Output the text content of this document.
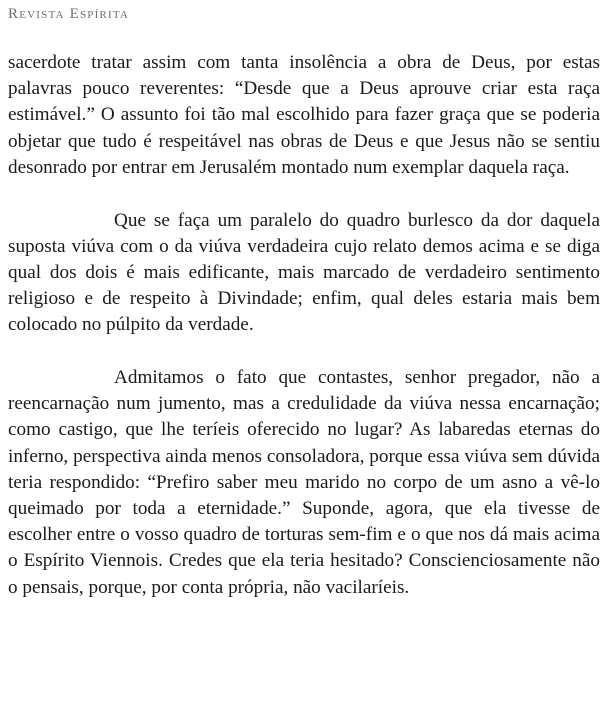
Revista Espírita

sacerdote tratar assim com tanta insolência a obra de Deus, por estas palavras pouco reverentes: “Desde que a Deus aprouve criar esta raça estimável.” O assunto foi tão mal escolhido para fazer graça que se poderia objetar que tudo é respeitável nas obras de Deus e que Jesus não se sentiu desonrado por entrar em Jerusalém montado num exemplar daquela raça.

Que se faça um paralelo do quadro burlesco da dor daquela suposta viúva com o da viúva verdadeira cujo relato demos acima e se diga qual dos dois é mais edificante, mais marcado de verdadeiro sentimento religioso e de respeito à Divindade; enfim, qual deles estaria mais bem colocado no púlpito da verdade.

Admitamos o fato que contastes, senhor pregador, não a reencarnação num jumento, mas a credulidade da viúva nessa encarnação; como castigo, que lhe teríeis oferecido no lugar? As labaredas eternas do inferno, perspectiva ainda menos consoladora, porque essa viúva sem dúvida teria respondido: “Prefiro saber meu marido no corpo de um asno a vê-lo queimado por toda a eternidade.” Suponde, agora, que ela tivesse de escolher entre o vosso quadro de torturas sem-fim e o que nos dá mais acima o Espírito Viennois. Credes que ela teria hesitado? Conscienciosamente não o pensais, porque, por conta própria, não vacilaríeis.
